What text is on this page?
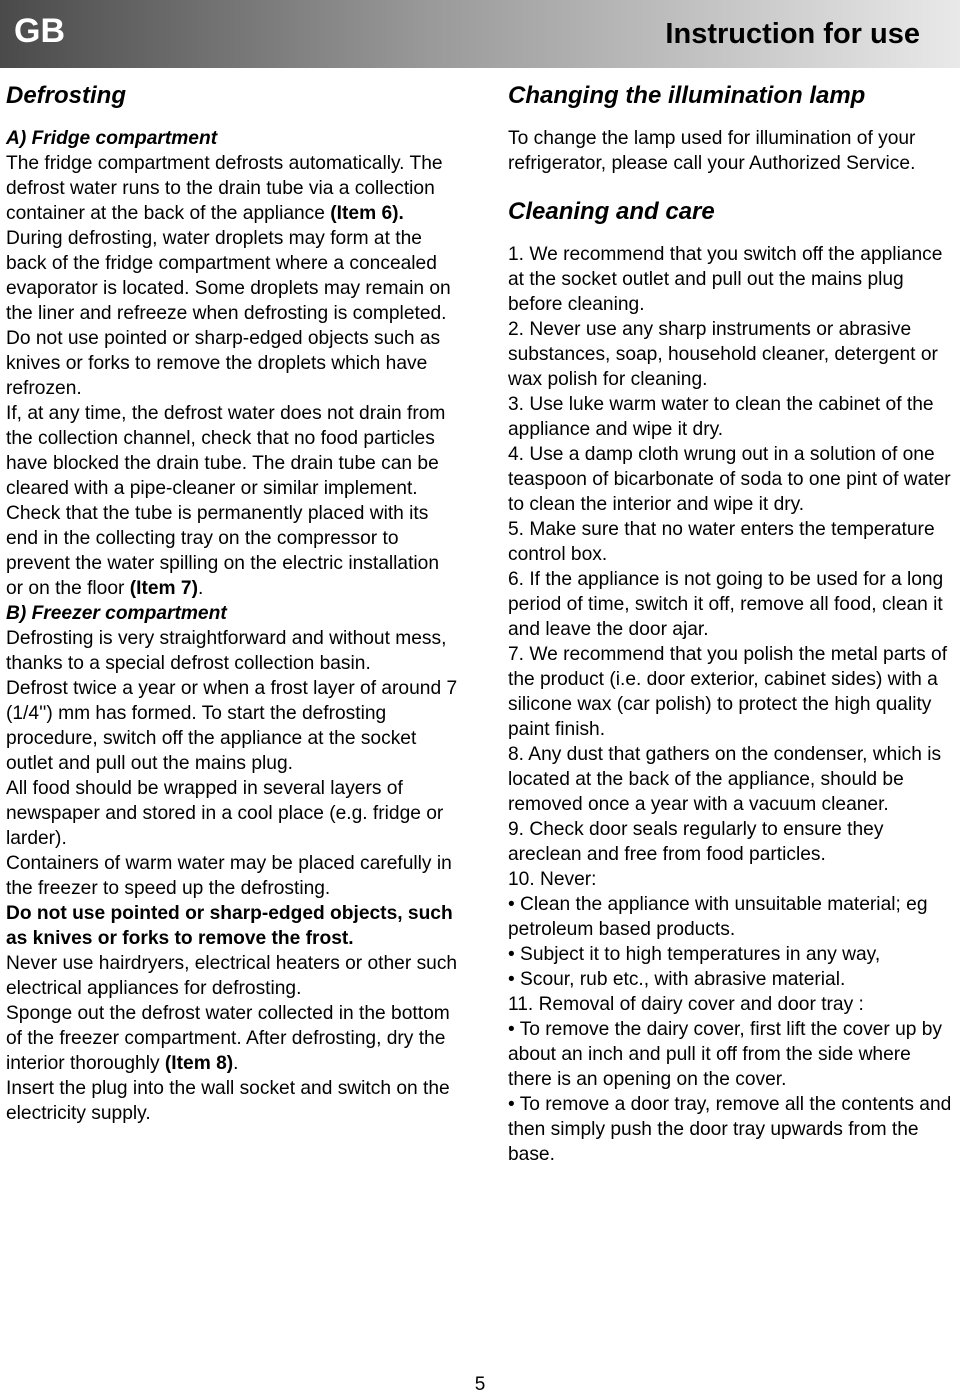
GB	Instruction for use
Defrosting

A) Fridge compartment

The fridge compartment defrosts automatically. The defrost water runs to the drain tube via a collection container at the back of the appliance (Item 6).

During defrosting, water droplets may form at the back of the fridge compartment where a concealed evaporator is located. Some droplets may remain on the liner and refreeze when defrosting is completed. Do not use pointed or sharp-edged objects such as knives or forks to remove the droplets which have refrozen.

If, at any time, the defrost water does not drain from the collection channel, check that no food particles have blocked the drain tube. The drain tube can be cleared with a pipe-cleaner or similar implement.

Check that the tube is permanently placed with its end in the collecting tray on the compressor to prevent the water spilling on the electric installation or on the floor (Item 7).

B) Freezer compartment

Defrosting is very straightforward and without mess, thanks to a special defrost collection basin.

Defrost twice a year or when a frost layer of around 7 (1/4'') mm has formed. To start the defrosting procedure, switch off the appliance at the socket outlet and pull out the mains plug.

All food should be wrapped in several layers of newspaper and stored in a cool place (e.g. fridge or larder).

Containers of warm water may be placed carefully in the freezer to speed up the defrosting.

Do not use pointed or sharp-edged objects, such as knives or forks to remove the frost.

Never use hairdryers, electrical heaters or other such electrical appliances for defrosting.

Sponge out the defrost water collected in the bottom of the freezer compartment. After defrosting, dry the interior thoroughly (Item 8).

Insert the plug into the wall socket and switch on the electricity supply.

Changing the illumination lamp

To change the lamp used for illumination of your refrigerator, please call your Authorized Service.

Cleaning and care

1. We recommend that you switch off the appliance at the socket outlet and pull out the mains plug before cleaning.

2. Never use any sharp instruments or abrasive substances, soap, household cleaner, detergent or wax polish for cleaning.

3. Use luke warm water to clean the cabinet of the appliance and wipe it dry.

4. Use a damp cloth wrung out in a solution of one teaspoon of bicarbonate of soda to one pint of water to clean the interior and wipe it dry.

5. Make sure that no water enters the temperature control box.

6. If the appliance is not going to be used for a long period of time, switch it off, remove all food, clean it and leave the door ajar.

7. We recommend that you polish the metal parts of the product (i.e. door exterior, cabinet sides) with a silicone wax (car polish) to protect the high quality paint finish.

8. Any dust that gathers on the condenser, which is located at the back of the appliance, should be removed once a year with a vacuum cleaner.

9. Check door seals regularly to ensure they areclean and free from food particles.

10. Never:

• Clean the appliance with unsuitable material; eg petroleum based products.

• Subject it to high temperatures in any way,

• Scour, rub etc., with abrasive material.

11. Removal of dairy cover and door tray :

• To remove the dairy cover, first lift the cover up by about an inch and pull it off from the side where there is an opening on the cover.

• To remove a door tray, remove all the contents and then simply push the door tray upwards from the base.

5
